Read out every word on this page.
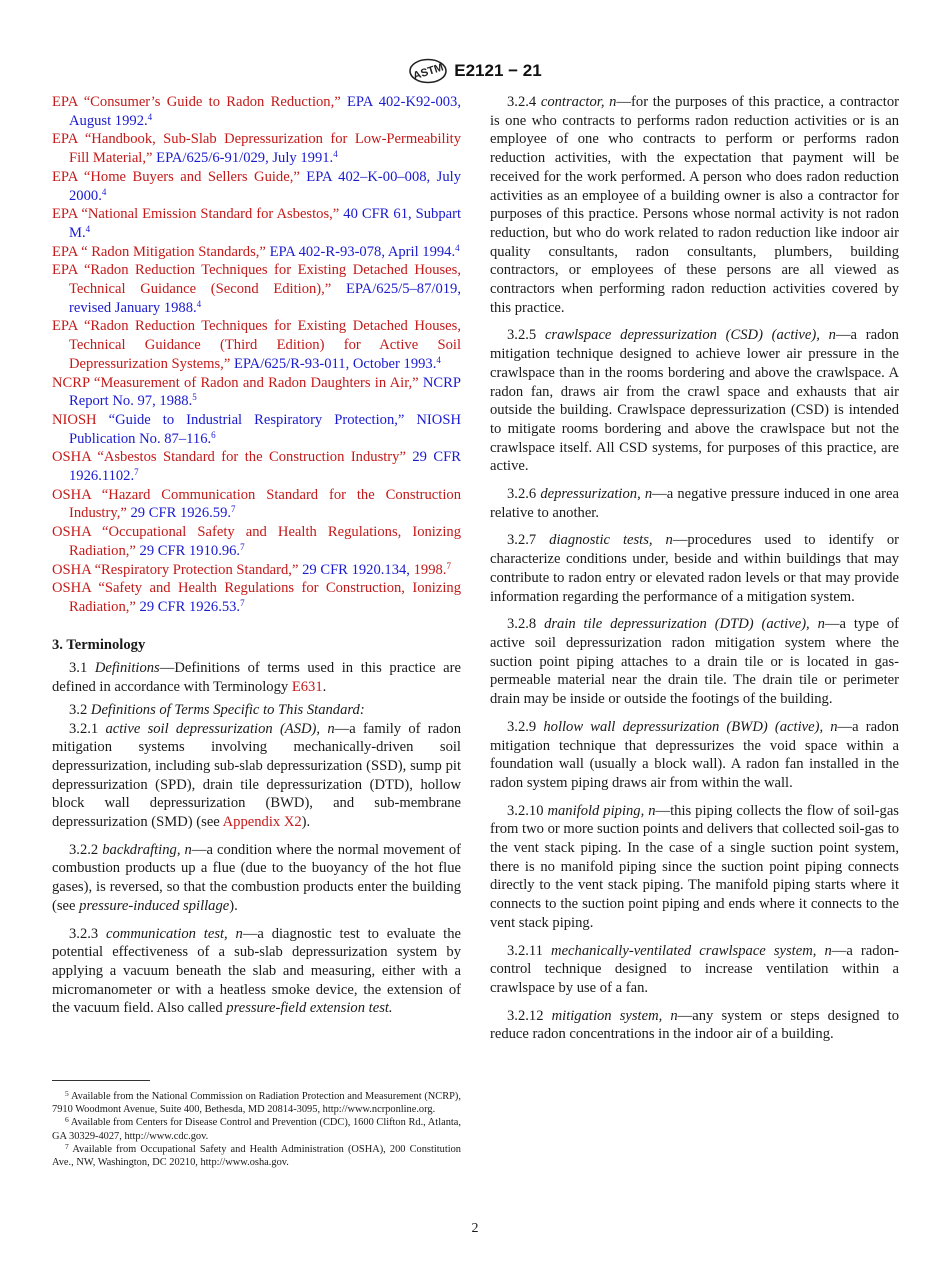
ASTM E2121 − 21
EPA “Consumer’s Guide to Radon Reduction,” EPA 402-K92-003, August 1992.$^4$
EPA “Handbook, Sub-Slab Depressurization for Low-Permeability Fill Material,” EPA/625/6-91/029, July 1991.$^4$
EPA “Home Buyers and Sellers Guide,” EPA 402–K-00–008, July 2000.$^4$
EPA “National Emission Standard for Asbestos,” 40 CFR 61, Subpart M.$^4$
EPA “ Radon Mitigation Standards,” EPA 402-R-93-078, April 1994.$^4$
EPA “Radon Reduction Techniques for Existing Detached Houses, Technical Guidance (Second Edition),” EPA/625/5–87/019, revised January 1988.$^4$
EPA “Radon Reduction Techniques for Existing Detached Houses, Technical Guidance (Third Edition) for Active Soil Depressurization Systems,” EPA/625/R-93-011, October 1993.$^4$
NCRP “Measurement of Radon and Radon Daughters in Air,” NCRP Report No. 97, 1988.$^5$
NIOSH “Guide to Industrial Respiratory Protection,” NIOSH Publication No. 87–116.$^6$
OSHA “Asbestos Standard for the Construction Industry” 29 CFR 1926.1102.$^7$
OSHA “Hazard Communication Standard for the Construction Industry,” 29 CFR 1926.59.$^7$
OSHA “Occupational Safety and Health Regulations, Ionizing Radiation,” 29 CFR 1910.96.$^7$
OSHA “Respiratory Protection Standard,” 29 CFR 1920.134, 1998.$^7$
OSHA “Safety and Health Regulations for Construction, Ionizing Radiation,” 29 CFR 1926.53.$^7$
3. Terminology

3.1 Definitions—Definitions of terms used in this practice are defined in accordance with Terminology E631.

3.2 Definitions of Terms Specific to This Standard:

3.2.1 active soil depressurization (ASD), n—a family of radon mitigation systems involving mechanically-driven soil depressurization, including sub-slab depressurization (SSD), sump pit depressurization (SPD), drain tile depressurization (DTD), hollow block wall depressurization (BWD), and sub-membrane depressurization (SMD) (see Appendix X2).

3.2.2 backdrafting, n—a condition where the normal movement of combustion products up a flue (due to the buoyancy of the hot flue gases), is reversed, so that the combustion products enter the building (see pressure-induced spillage).

3.2.3 communication test, n—a diagnostic test to evaluate the potential effectiveness of a sub-slab depressurization system by applying a vacuum beneath the slab and measuring, either with a micromanometer or with a heatless smoke device, the extension of the vacuum field. Also called pressure-field extension test.

$^5$ Available from the National Commission on Radiation Protection and Measurement (NCRP), 7910 Woodmont Avenue, Suite 400, Bethesda, MD 20814-3095, http://www.ncrponline.org.

$^6$ Available from Centers for Disease Control and Prevention (CDC), 1600 Clifton Rd., Atlanta, GA 30329-4027, http://www.cdc.gov.

$^7$ Available from Occupational Safety and Health Administration (OSHA), 200 Constitution Ave., NW, Washington, DC 20210, http://www.osha.gov.

3.2.4 contractor, n—for the purposes of this practice, a contractor is one who contracts to performs radon reduction activities or is an employee of one who contracts to perform or performs radon reduction activities, with the expectation that payment will be received for the work performed. A person who does radon reduction activities as an employee of a building owner is also a contractor for purposes of this practice. Persons whose normal activity is not radon reduction, but who do work related to radon reduction like indoor air quality consultants, radon consultants, plumbers, building contractors, or employees of these persons are all viewed as contractors when performing radon reduction activities covered by this practice.

3.2.5 crawlspace depressurization (CSD) (active), n—a radon mitigation technique designed to achieve lower air pressure in the crawlspace than in the rooms bordering and above the crawlspace. A radon fan, draws air from the crawl space and exhausts that air outside the building. Crawlspace depressurization (CSD) is intended to mitigate rooms bordering and above the crawlspace but not the crawlspace itself. All CSD systems, for purposes of this practice, are active.

3.2.6 depressurization, n—a negative pressure induced in one area relative to another.

3.2.7 diagnostic tests, n—procedures used to identify or characterize conditions under, beside and within buildings that may contribute to radon entry or elevated radon levels or that may provide information regarding the performance of a mitigation system.

3.2.8 drain tile depressurization (DTD) (active), n—a type of active soil depressurization radon mitigation system where the suction point piping attaches to a drain tile or is located in gas-permeable material near the drain tile. The drain tile or perimeter drain may be inside or outside the footings of the building.

3.2.9 hollow wall depressurization (BWD) (active), n—a radon mitigation technique that depressurizes the void space within a foundation wall (usually a block wall). A radon fan installed in the radon system piping draws air from within the wall.

3.2.10 manifold piping, n—this piping collects the flow of soil-gas from two or more suction points and delivers that collected soil-gas to the vent stack piping. In the case of a single suction point system, there is no manifold piping since the suction point piping connects directly to the vent stack piping. The manifold piping starts where it connects to the suction point piping and ends where it connects to the vent stack piping.

3.2.11 mechanically-ventilated crawlspace system, n—a radon-control technique designed to increase ventilation within a crawlspace by use of a fan.

3.2.12 mitigation system, n—any system or steps designed to reduce radon concentrations in the indoor air of a building.

2
